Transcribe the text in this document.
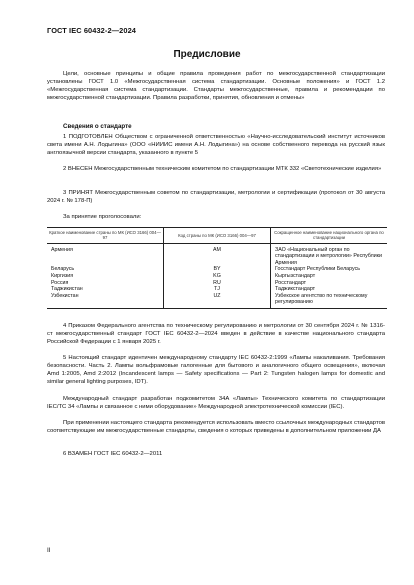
ГОСТ IEC 60432-2—2024
Предисловие
Цели, основные принципы и общие правила проведения работ по межгосударственной стандартизации установлены ГОСТ 1.0 «Межгосударственная система стандартизации. Основные положения» и ГОСТ 1.2 «Межгосударственная система стандартизации. Стандарты межгосударственные, правила и рекомендации по межгосударственной стандартизации. Правила разработки, принятия, обновления и отмены»
Сведения о стандарте
1 ПОДГОТОВЛЕН Обществом с ограниченной ответственностью «Научно-исследовательский институт источников света имени А.Н. Лодыгина» (ООО «НИИИС имени А.Н. Лодыгина») на основе собственного перевода на русский язык англоязычной версии стандарта, указанного в пункте 5
2 ВНЕСЕН Межгосударственным техническим комитетом по стандартизации МТК 332 «Светотехнические изделия»
3 ПРИНЯТ Межгосударственным советом по стандартизации, метрологии и сертификации (протокол от 30 августа 2024 г. № 178-П)
За принятие проголосовали:
Краткое наименование страны по МК (ИСО 3166) 004—97	Код страны по МК (ИСО 3166) 004—97	Сокращенное наименование национального органа по стандартизации
Армения	AM	ЗАО «Национальный орган по стандартизации и метрологии» Республики Армения
Беларусь	BY	Госстандарт Республики Беларусь
Киргизия	KG	Кыргызстандарт
Россия	RU	Росстандарт
Таджикистан	TJ	Таджикстандарт
Узбекистан	UZ	Узбекское агентство по техническому регулированию
4 Приказом Федерального агентства по техническому регулированию и метрологии от 30 сентября 2024 г. № 1316-ст межгосударственный стандарт ГОСТ IEC 60432-2—2024 введен в действие в качестве национального стандарта Российской Федерации с 1 января 2025 г.
5 Настоящий стандарт идентичен международному стандарту IEC 60432-2:1999 «Лампы накаливания. Требования безопасности. Часть 2. Лампы вольфрамовые галогенные для бытового и аналогичного общего освещения», включая Amd 1:2005, Amd 2:2012 (Incandescent lamps — Safety specifications — Part 2: Tungsten halogen lamps for domestic and similar general lighting purposes, IDT).
Международный стандарт разработан подкомитетом 34A «Лампы» Технического комитета по стандартизации IEC/TC 34 «Лампы и связанное с ними оборудование» Международной электротехнической комиссии (IEC).
При применении настоящего стандарта рекомендуется использовать вместо ссылочных международных стандартов соответствующие им межгосударственные стандарты, сведения о которых приведены в дополнительном приложении ДА
6 ВЗАМЕН ГОСТ IEC 60432-2—2011
II
